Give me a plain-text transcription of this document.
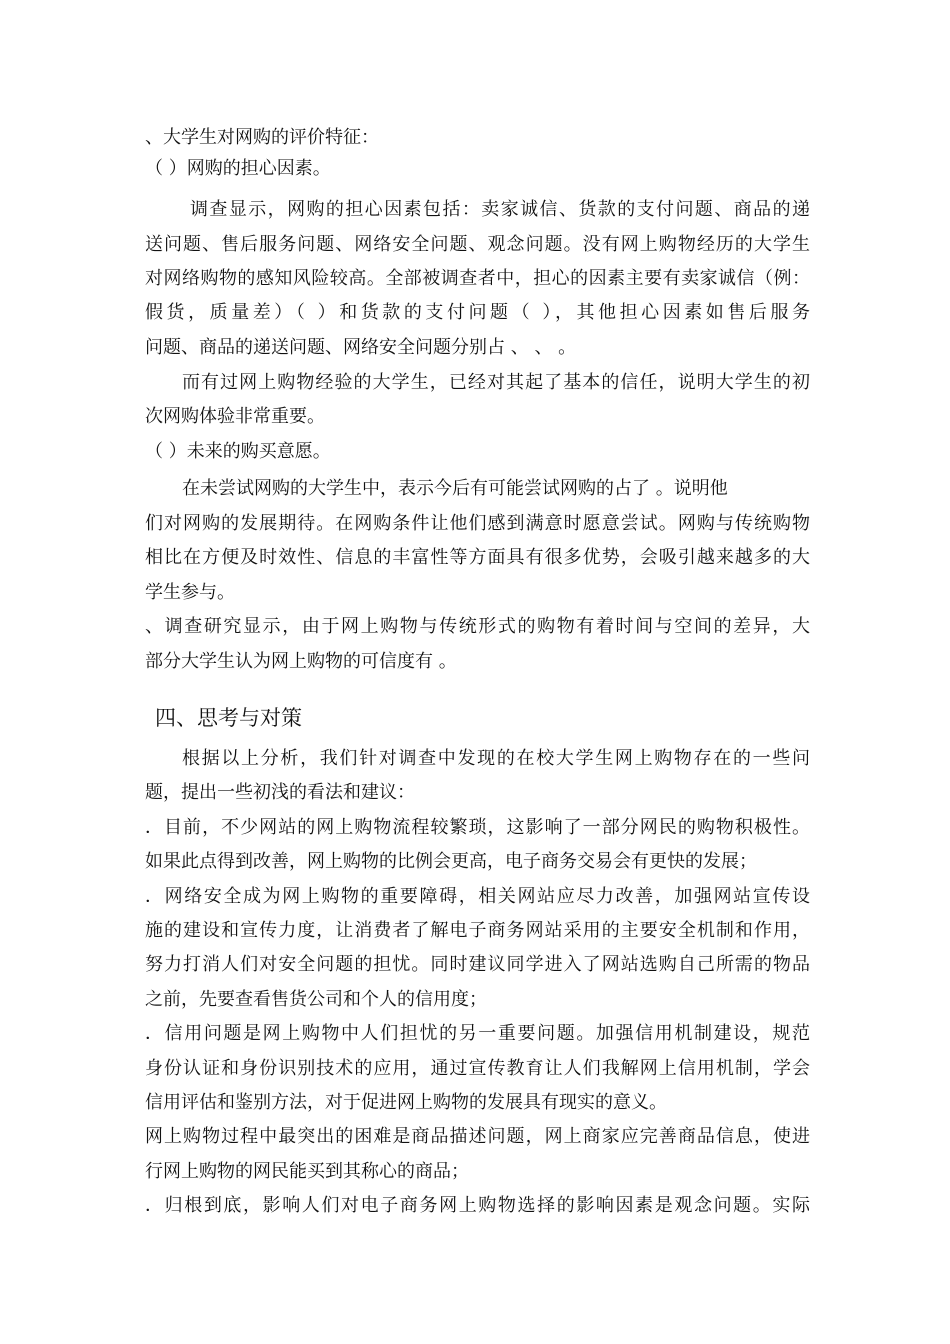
、大学生对网购的评价特征：
（ ）网购的担心因素。
调查显示，网购的担心因素包括：卖家诚信、货款的支付问题、商品的递
送问题、售后服务问题、网络安全问题、观念问题。没有网上购物经历的大学生
对网络购物的感知风险较高。全部被调查者中，担心的因素主要有卖家诚信（例：
假货，质量差）（ ）和货款的支付问题（ ），其他担心因素如售后服务
问题、商品的递送问题、网络安全问题分别占 、 、 。
而有过网上购物经验的大学生，已经对其起了基本的信任，说明大学生的初
次网购体验非常重要。
（ ）未来的购买意愿。
在未尝试网购的大学生中，表示今后有可能尝试网购的占了 。说明他
们对网购的发展期待。在网购条件让他们感到满意时愿意尝试。网购与传统购物
相比在方便及时效性、信息的丰富性等方面具有很多优势，会吸引越来越多的大
学生参与。
、调查研究显示，由于网上购物与传统形式的购物有着时间与空间的差异，大
部分大学生认为网上购物的可信度有 。
四、思考与对策
根据以上分析，我们针对调查中发现的在校大学生网上购物存在的一些问
题，提出一些初浅的看法和建议：
．目前，不少网站的网上购物流程较繁琐，这影响了一部分网民的购物积极性。
如果此点得到改善，网上购物的比例会更高，电子商务交易会有更快的发展；
．网络安全成为网上购物的重要障碍，相关网站应尽力改善，加强网站宣传设
施的建设和宣传力度，让消费者了解电子商务网站采用的主要安全机制和作用，
努力打消人们对安全问题的担忧。同时建议同学进入了网站选购自己所需的物品
之前，先要查看售货公司和个人的信用度；
．信用问题是网上购物中人们担忧的另一重要问题。加强信用机制建设，规范
身份认证和身份识别技术的应用，通过宣传教育让人们我解网上信用机制，学会
信用评估和鉴别方法，对于促进网上购物的发展具有现实的意义。
网上购物过程中最突出的困难是商品描述问题，网上商家应完善商品信息，使进
行网上购物的网民能买到其称心的商品；
．归根到底，影响人们对电子商务网上购物选择的影响因素是观念问题。实际
